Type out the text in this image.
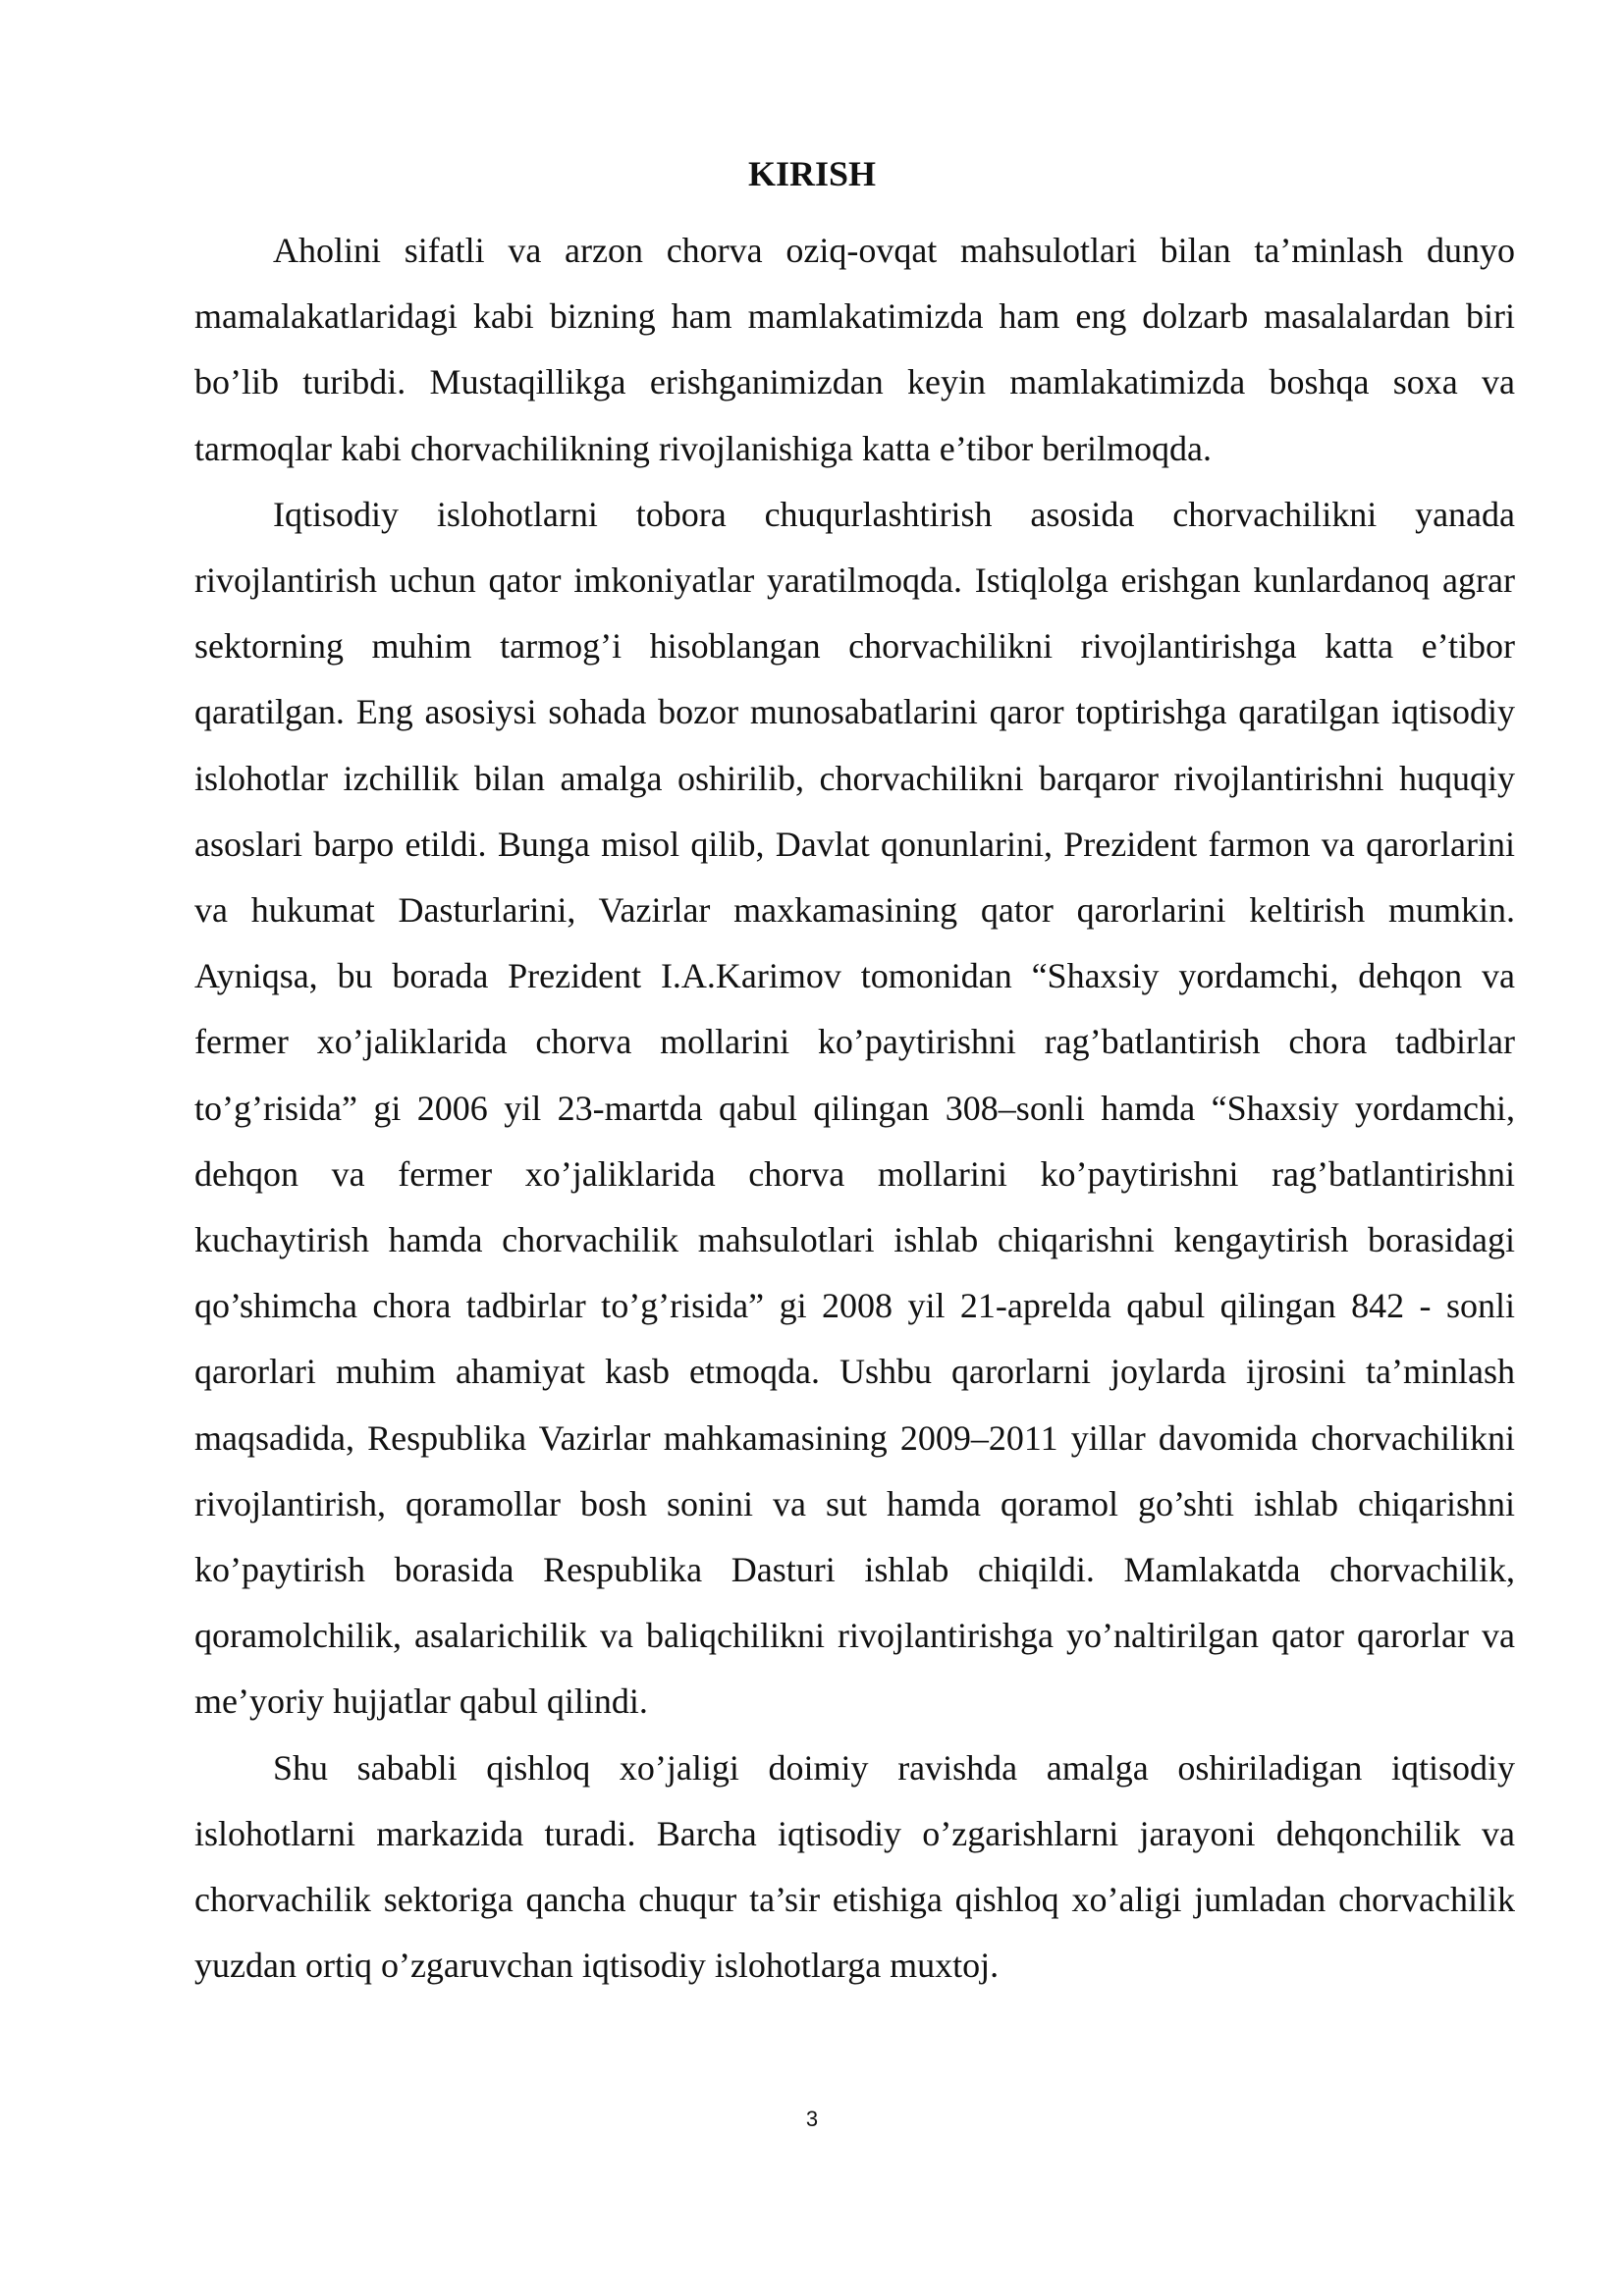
KIRISH

Aholini sifatli va arzon chorva oziq-ovqat mahsulotlari bilan ta’minlash dunyo mamalakatlaridagi kabi bizning ham mamlakatimizda ham eng dolzarb masalalardan biri bo’lib turibdi. Mustaqillikga erishganimizdan keyin mamlakatimizda boshqa soxa va tarmoqlar kabi chorvachilikning rivojlanishiga katta e’tibor berilmoqda.

Iqtisodiy islohotlarni tobora chuqurlashtirish asosida chorvachilikni yanada rivojlantirish uchun qator imkoniyatlar yaratilmoqda. Istiqlolga erishgan kunlardanoq agrar sektorning muhim tarmog’i hisoblangan chorvachilikni rivojlantirishga katta e’tibor qaratilgan. Eng asosiysi sohada bozor munosabatlarini qaror toptirishga qaratilgan iqtisodiy islohotlar izchillik bilan amalga oshirilib, chorvachilikni barqaror rivojlantirishni huquqiy asoslari barpo etildi. Bunga misol qilib, Davlat qonunlarini, Prezident farmon va qarorlarini va hukumat Dasturlarini, Vazirlar maxkamasining qator qarorlarini keltirish mumkin. Ayniqsa, bu borada Prezident I.A.Karimov tomonidan “Shaxsiy yordamchi, dehqon va fermer xo’jaliklarida chorva mollarini ko’paytirishni rag’batlantirish chora tadbirlar to’g’risida” gi 2006 yil 23-martda qabul qilingan 308–sonli hamda “Shaxsiy yordamchi, dehqon va fermer xo’jaliklarida chorva mollarini ko’paytirishni rag’batlantirishni kuchaytirish hamda chorvachilik mahsulotlari ishlab chiqarishni kengaytirish borasidagi qo’shimcha chora tadbirlar to’g’risida” gi 2008 yil 21-aprelda qabul qilingan 842 - sonli qarorlari muhim ahamiyat kasb etmoqda. Ushbu qarorlarni joylarda ijrosini ta’minlash maqsadida, Respublika Vazirlar mahkamasining 2009–2011 yillar davomida chorvachilikni rivojlantirish, qoramollar bosh sonini va sut hamda qoramol go’shti ishlab chiqarishni ko’paytirish borasida Respublika Dasturi ishlab chiqildi. Mamlakatda chorvachilik, qoramolchilik, asalarichilik va baliqchilikni rivojlantirishga yo’naltirilgan qator qarorlar va me’yoriy hujjatlar qabul qilindi.

Shu sababli qishloq xo’jaligi doimiy ravishda amalga oshiriladigan iqtisodiy islohotlarni markazida turadi. Barcha iqtisodiy o’zgarishlarni jarayoni dehqonchilik va chorvachilik sektoriga qancha chuqur ta’sir etishiga qishloq xo’aligi jumladan chorvachilik yuzdan ortiq o’zgaruvchan iqtisodiy islohotlarga muxtoj.

3
